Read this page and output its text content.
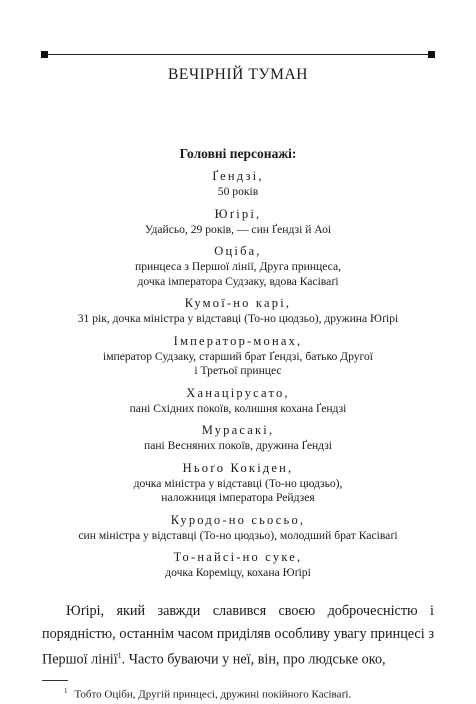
ВЕЧІРНІЙ ТУМАН
Головні персонажі:
Ґендзі,
50 років
Юґірі,
Удайсьо, 29 років, — син Ґендзі й Аоі
Оціба,
принцеса з Першої лінії, Друга принцеса,
дочка імператора Судзаку, вдова Касіваґі
Кумої-но карі,
31 рік, дочка міністра у відставці (То-но цюдзьо), дружина Юґірі
Імператор-монах,
імператор Судзаку, старший брат Ґендзі, батько Другої
і Третьої принцес
Ханацірусато,
пані Східних покоїв, колишня кохана Ґендзі
Мурасакі,
пані Весняних покоїв, дружина Ґендзі
Ньоґо Кокіден,
дочка міністра у відставці (То-но цюдзьо),
наложниця імператора Рейдзея
Куродо-но сьосьо,
син міністра у відставці (То-но цюдзьо), молодший брат Касіваґі
То-найсі-но суке,
дочка Кореміцу, кохана Юґірі

Юґірі, який завжди славився своєю доброчесністю і порядністю, останнім часом приділяв особливу увагу принцесі з Першої лінії$^1$. Часто буваючи у неї, він, про людське око,

$^1$ Тобто Оціби, Другій принцесі, дружині покійного Касіваґі.
